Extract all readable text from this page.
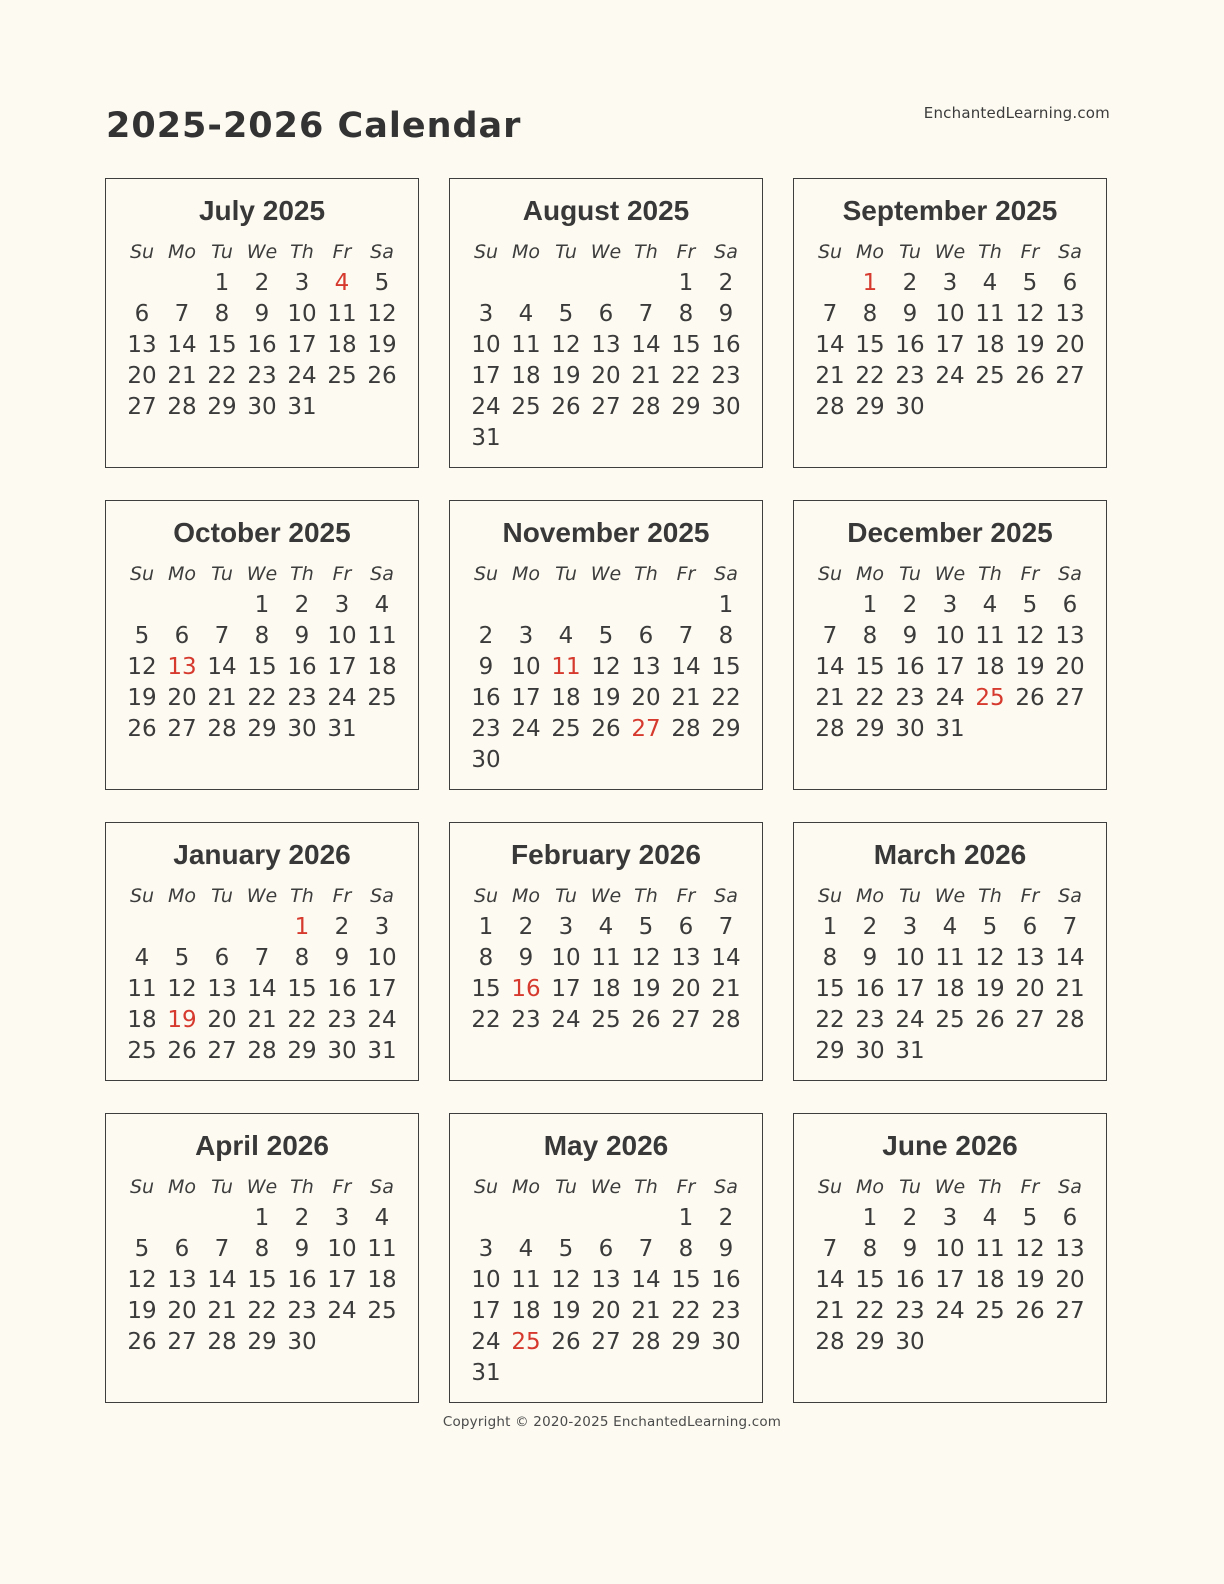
EnchantedLearning.com
2025-2026 Calendar
July 2025
Su	Mo	Tu	We	Th	Fr	Sa
		1	2	3	4	5
6	7	8	9	10	11	12
13	14	15	16	17	18	19
20	21	22	23	24	25	26
27	28	29	30	31		
August 2025
Su	Mo	Tu	We	Th	Fr	Sa
					1	2
3	4	5	6	7	8	9
10	11	12	13	14	15	16
17	18	19	20	21	22	23
24	25	26	27	28	29	30
31						
September 2025
Su	Mo	Tu	We	Th	Fr	Sa
	1	2	3	4	5	6
7	8	9	10	11	12	13
14	15	16	17	18	19	20
21	22	23	24	25	26	27
28	29	30				
October 2025
Su	Mo	Tu	We	Th	Fr	Sa
			1	2	3	4
5	6	7	8	9	10	11
12	13	14	15	16	17	18
19	20	21	22	23	24	25
26	27	28	29	30	31	
November 2025
Su	Mo	Tu	We	Th	Fr	Sa
						1
2	3	4	5	6	7	8
9	10	11	12	13	14	15
16	17	18	19	20	21	22
23	24	25	26	27	28	29
30						
December 2025
Su	Mo	Tu	We	Th	Fr	Sa
	1	2	3	4	5	6
7	8	9	10	11	12	13
14	15	16	17	18	19	20
21	22	23	24	25	26	27
28	29	30	31			
January 2026
Su	Mo	Tu	We	Th	Fr	Sa
				1	2	3
4	5	6	7	8	9	10
11	12	13	14	15	16	17
18	19	20	21	22	23	24
25	26	27	28	29	30	31
February 2026
Su	Mo	Tu	We	Th	Fr	Sa
1	2	3	4	5	6	7
8	9	10	11	12	13	14
15	16	17	18	19	20	21
22	23	24	25	26	27	28
March 2026
Su	Mo	Tu	We	Th	Fr	Sa
1	2	3	4	5	6	7
8	9	10	11	12	13	14
15	16	17	18	19	20	21
22	23	24	25	26	27	28
29	30	31				
April 2026
Su	Mo	Tu	We	Th	Fr	Sa
			1	2	3	4
5	6	7	8	9	10	11
12	13	14	15	16	17	18
19	20	21	22	23	24	25
26	27	28	29	30		
May 2026
Su	Mo	Tu	We	Th	Fr	Sa
					1	2
3	4	5	6	7	8	9
10	11	12	13	14	15	16
17	18	19	20	21	22	23
24	25	26	27	28	29	30
31						
June 2026
Su	Mo	Tu	We	Th	Fr	Sa
	1	2	3	4	5	6
7	8	9	10	11	12	13
14	15	16	17	18	19	20
21	22	23	24	25	26	27
28	29	30				
Copyright © 2020-2025 EnchantedLearning.com
